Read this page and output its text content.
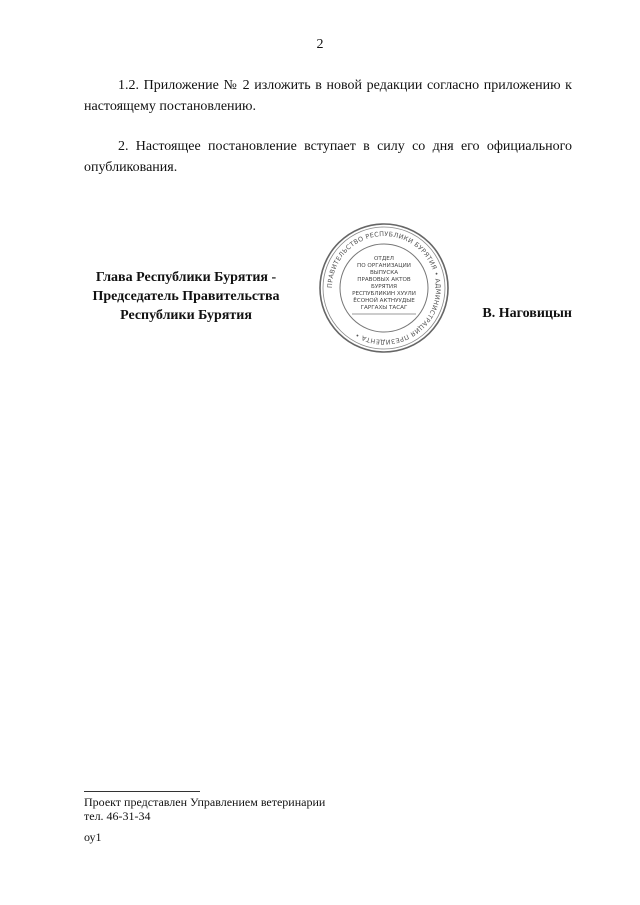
2

1.2. Приложение № 2 изложить в новой редакции согласно приложению к настоящему постановлению.

2. Настоящее постановление вступает в силу со дня его официального опубликования.

Глава Республики Бурятия -
Председатель Правительства
Республики Бурятия
ПРАВИТЕЛЬСТВО РЕСПУБЛИКИ БУРЯТИЯ • АДМИНИСТРАЦИЯ ПРЕЗИДЕНТА •
ОТДЕЛ
ПО ОРГАНИЗАЦИИ
ВЫПУСКА
ПРАВОВЫХ АКТОВ
БУРЯТИЯ
РЕСПУБЛИКИН ХУУЛИ
ЁСОНОЙ АКТНУУДЫЕ
ГАРГАХЫ ТАСАГ	В. Наговицын
Проект представлен Управлением ветеринарии
тел. 46-31-34
оу1
